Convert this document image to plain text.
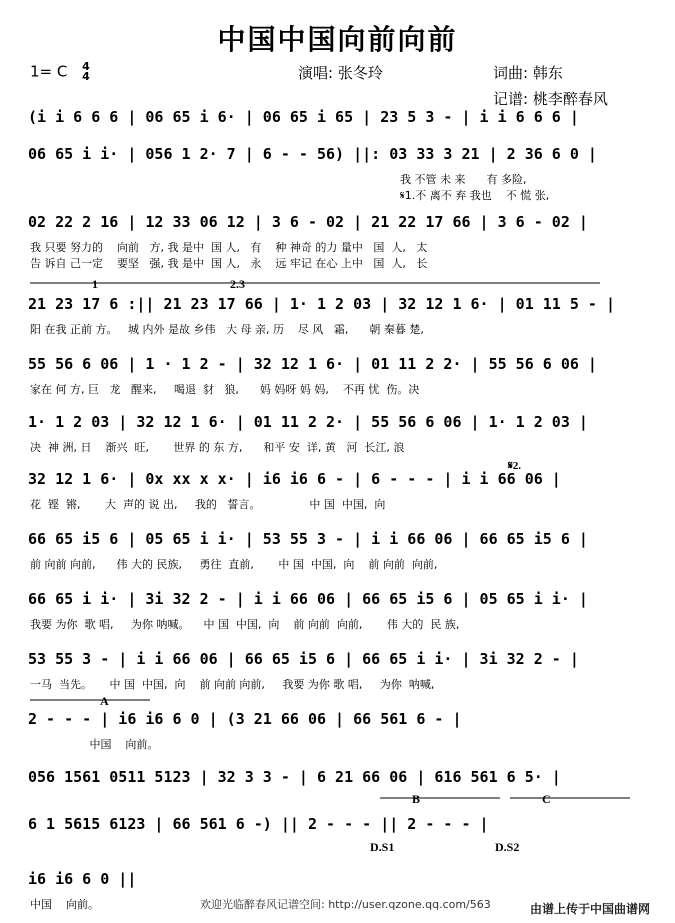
中国中国向前向前
1= C 4
4	演唱: 张冬玲	词曲: 韩东
记谱: 桃李醉春风
(i i 6 6 6 | 06 65 i 6· | 06 65 i 65 | 23 5 3 - | i i 6 6 6 |
06 65 i i· | 056 1 2· 7 | 6 - - 56) ||: 03 33 3 21 | 2 36 6 0 |
我 不管 未 来      有 多险,
𝄋1.不 离不 弃 我也    不 慌 张,
02 22 2 16 | 12 33 06 12 | 3 6 - 02 | 21 22 17 66 | 3 6 - 02 |
我 只要 努力的    向前   方, 我 是中  国 人,   有    种 神奇 的力 量中   国  人,   太
告 诉自 己一定    要坚   强, 我 是中  国 人,   永    远 牢记 在心 上中   国  人,   长
21 23 17 6 :|| 21 23 17 66 | 1· 1 2 03 | 32 12 1 6· | 01 11 5 - |
阳 在我 正前 方。   城 内外 是故 乡伟   大 母 亲, 历    尽 风   霜,      朝 秦暮 楚,
55 56 6 06 | 1 · 1 2 - | 32 12 1 6· | 01 11 2 2· | 55 56 6 06 |
家在 何 方, 巨   龙   醒来,     喝退  豺   狼,      妈 妈呀 妈 妈,    不再 忧  伤。决
1· 1 2 03 | 32 12 1 6· | 01 11 2 2· | 55 56 6 06 | 1· 1 2 03 |
决  神 洲, 日    渐兴  旺,       世界 的 东 方,      和平 安  详, 黄   河  长江, 浪
32 12 1 6· | 0x xx x x· | i6 i6 6 - | 6 - - - | i i 66 06 |
花  铿  锵,       大  声的 说 出,     我的   誓言。              中 国  中国,  向
66 65 i5 6 | 05 65 i i· | 53 55 3 - | i i 66 06 | 66 65 i5 6 |
前 向前 向前,      伟 大的 民族,     勇往  直前,       中 国  中国,  向    前 向前  向前,
66 65 i i· | 3i 32 2 - | i i 66 06 | 66 65 i5 6 | 05 65 i i· |
我要 为你  歌 唱,     为你 呐喊。    中 国  中国,  向    前 向前  向前,       伟 大的  民 族,
53 55 3 - | i i 66 06 | 66 65 i5 6 | 66 65 i i· | 3i 32 2 - |
一马  当先。     中 国  中国,  向    前 向前 向前,     我要 为你 歌 唱,     为你  呐喊,
2 - - - | i6 i6 6 0 | (3 21 66 06 | 66 561 6 - |
中国    向前。
056 1561 0511 5123 | 32 3 3 - | 6 21 66 06 | 616 561 6 5· |
6 1 5615 6123 | 66 561 6 -) || 2 - - - || 2 - - - |
i6 i6 6 0 ||
中国    向前。
D.S1	D.S2
1	2.3
A
B	C
𝄋2.
欢迎光临醉春风记谱空间: http://user.qzone.qq.com/563	由谱上传于中国曲谱网
